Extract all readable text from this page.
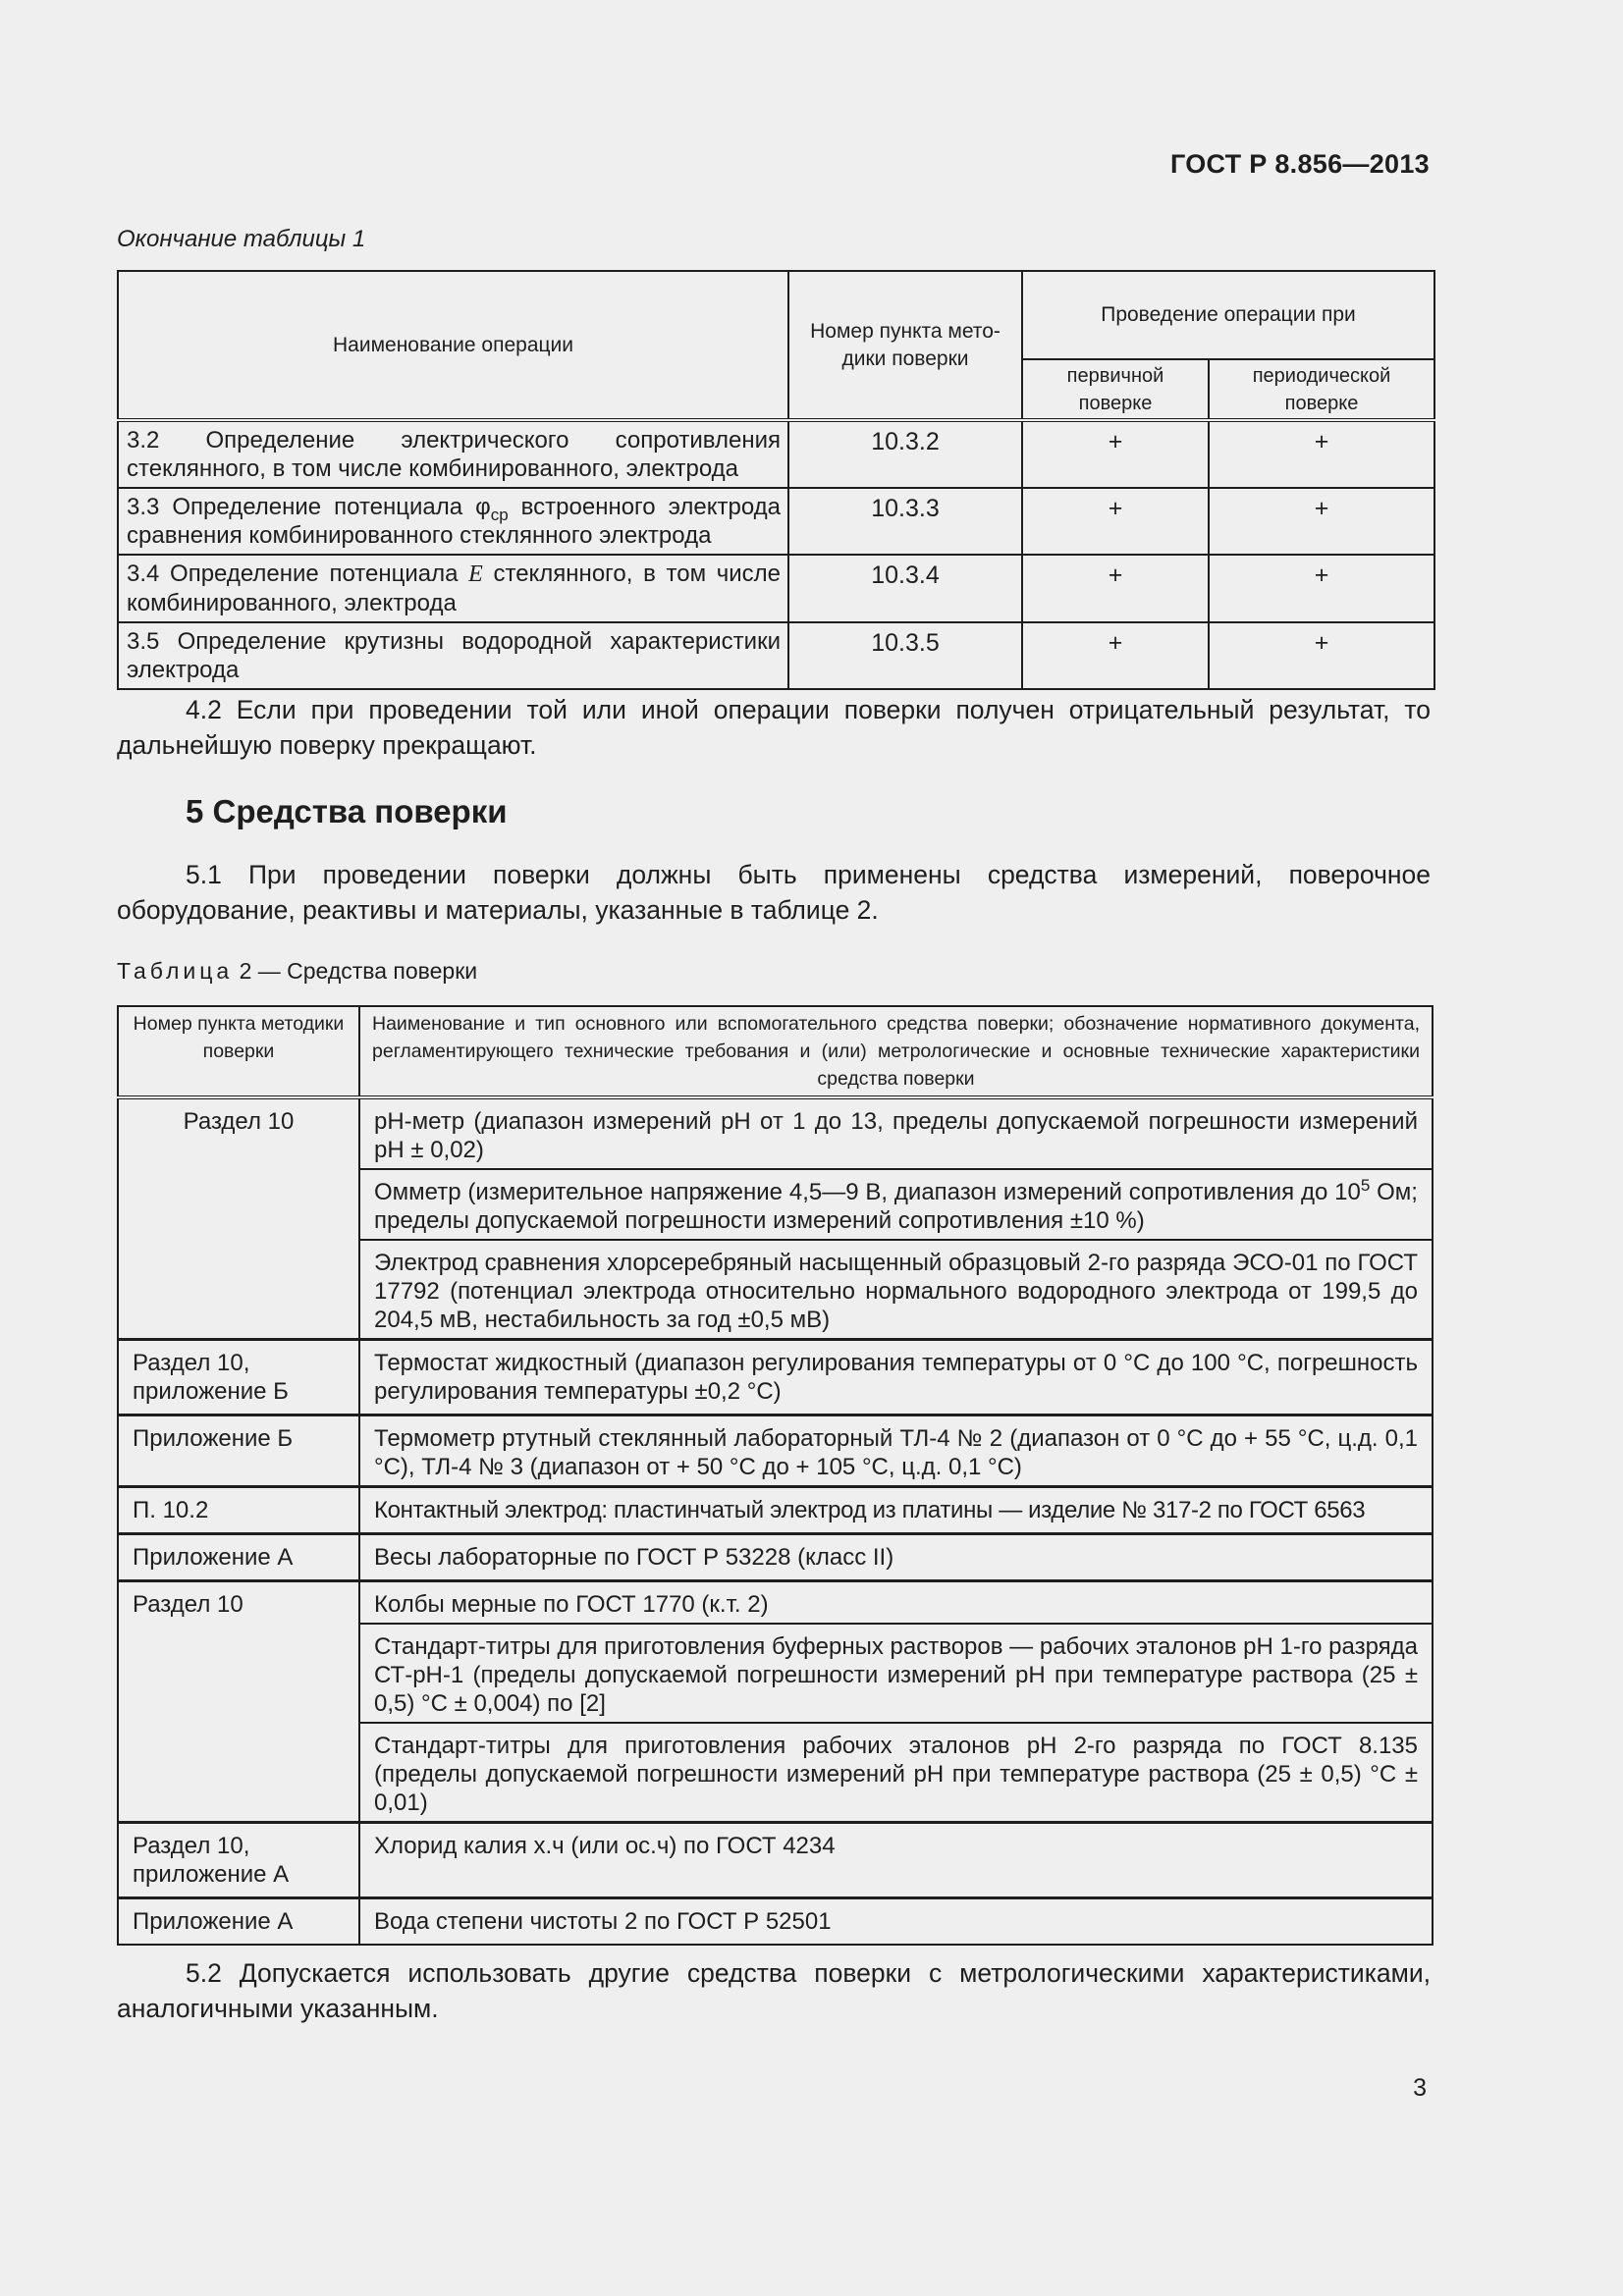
ГОСТ Р 8.856—2013
Окончание таблицы 1
Наименование операции	Номер пункта мето-дики поверки	Проведение операции при	
		первичной поверке	периодической поверке
3.2 Определение электрического сопротивления стеклянного, в том числе комбинированного, электрода	10.3.2	+	+
3.3 Определение потенциала $\varphi_{ср}$ встроенного электрода сравнения комбинированного стеклянного электрода	10.3.3	+	+
3.4 Определение потенциала E стеклянного, в том числе комбинированного, электрода	10.3.4	+	+
3.5 Определение крутизны водородной характеристики электрода	10.3.5	+	+
4.2 Если при проведении той или иной операции поверки получен отрицательный результат, то дальнейшую поверку прекращают.
5 Средства поверки
5.1 При проведении поверки должны быть применены средства измерений, поверочное оборудование, реактивы и материалы, указанные в таблице 2.
Таблица 2 — Средства поверки
Номер пункта методики поверки	Наименование и тип основного или вспомогательного средства поверки; обозначение нормативного документа, регламентирующего технические требования и (или) метрологические и основные технические характеристики средства поверки
Раздел 10	рН-метр (диапазон измерений рН от 1 до 13, пределы допускаемой погрешности измерений рН ± 0,02)
	Омметр (измерительное напряжение 4,5—9 В, диапазон измерений сопротивления до $10^5$ Ом; пределы допускаемой погрешности измерений сопротивления ±10 %)
	Электрод сравнения хлорсеребряный насыщенный образцовый 2-го разряда ЭСО-01 по ГОСТ 17792 (потенциал электрода относительно нормального водородного электрода от 199,5 до 204,5 мВ, нестабильность за год ±0,5 мВ)
Раздел 10, приложение Б	Термостат жидкостный (диапазон регулирования температуры от 0 °С до 100 °С, погрешность регулирования температуры ±0,2 °С)
Приложение Б	Термометр ртутный стеклянный лабораторный ТЛ-4 № 2 (диапазон от 0 °С до + 55 °С, ц.д. 0,1 °С), ТЛ-4 № 3 (диапазон от + 50 °С до + 105 °С, ц.д. 0,1 °С)
П. 10.2	Контактный электрод: пластинчатый электрод из платины — изделие № 317-2 по ГОСТ 6563
Приложение А	Весы лабораторные по ГОСТ Р 53228 (класс II)
Раздел 10	Колбы мерные по ГОСТ 1770 (к.т. 2)
	Стандарт-титры для приготовления буферных растворов — рабочих эталонов рН 1-го разряда СТ-рН-1 (пределы допускаемой погрешности измерений рН при температуре раствора (25 ± 0,5) °С ± 0,004) по [2]
	Стандарт-титры для приготовления рабочих эталонов рН 2-го разряда по ГОСТ 8.135 (пределы допускаемой погрешности измерений рН при температуре раствора (25 ± 0,5) °С ± 0,01)
Раздел 10, приложение А	Хлорид калия х.ч (или ос.ч) по ГОСТ 4234
Приложение А	Вода степени чистоты 2 по ГОСТ Р 52501
5.2 Допускается использовать другие средства поверки с метрологическими характеристиками, аналогичными указанным.
3
